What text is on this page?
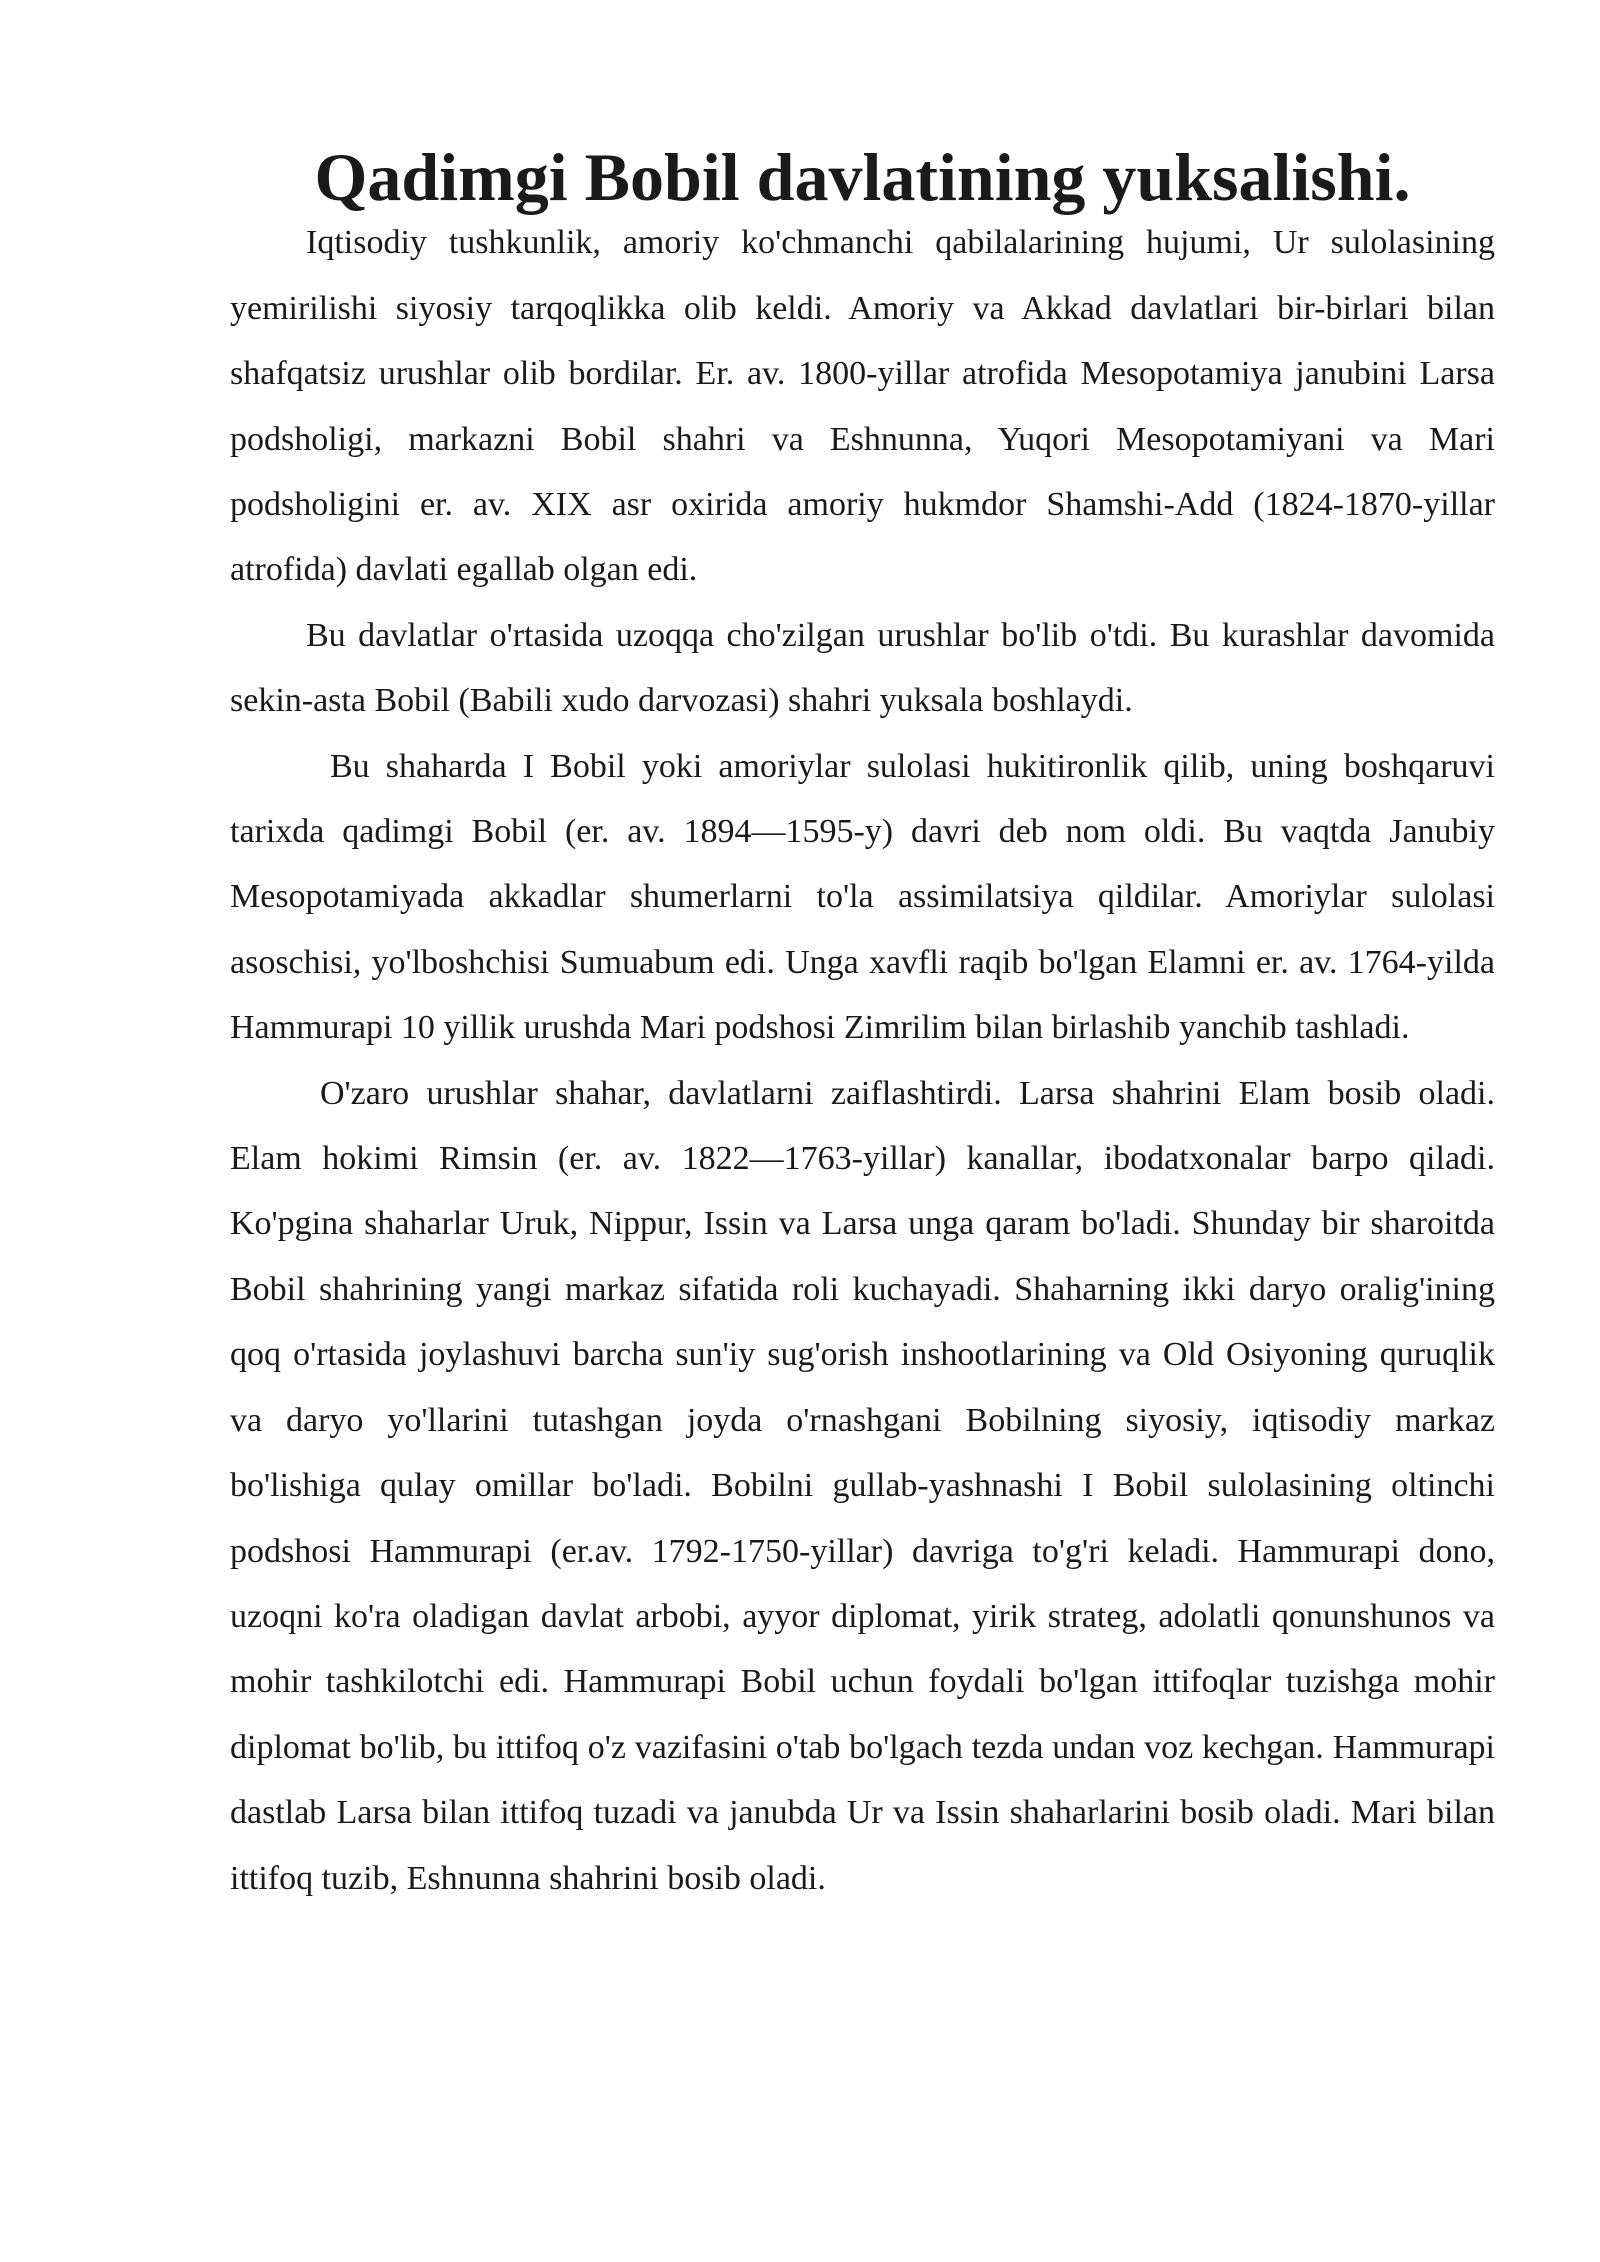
Qadimgi Bobil davlatining yuksalishi.

Iqtisodiy tushkunlik, amoriy ko'chmanchi qabilalarining hujumi, Ur sulolasining yemirilishi siyosiy tarqoqlikka olib keldi. Amoriy va Akkad davlatlari bir-birlari bilan shafqatsiz urushlar olib bordilar. Er. av. 1800-yillar atrofida Mesopotamiya janubini Larsa podsholigi, markazni Bobil shahri va Eshnunna, Yuqori Mesopotamiyani va Mari podsholigini er. av. XIX asr oxirida amoriy hukmdor Shamshi-Add (1824-1870-yillar atrofida) davlati egallab olgan edi.

Bu davlatlar o'rtasida uzoqqa cho'zilgan urushlar bo'lib o'tdi. Bu kurashlar davomida sekin-asta Bobil (Babili xudo darvozasi) shahri yuksala boshlaydi.

Bu shaharda I Bobil yoki amoriylar sulolasi hukitironlik qilib, uning boshqaruvi tarixda qadimgi Bobil (er. av. 1894—1595-y) davri deb nom oldi. Bu vaqtda Janubiy Mesopotamiyada akkadlar shumerlarni to'la assimilatsiya qildilar. Amoriylar sulolasi asoschisi, yo'lboshchisi Sumuabum edi. Unga xavfli raqib bo'lgan Elamni er. av. 1764-yilda Hammurapi 10 yillik urushda Mari podshosi Zimrilim bilan birlashib yanchib tashladi.

O'zaro urushlar shahar, davlatlarni zaiflashtirdi. Larsa shahrini Elam bosib oladi. Elam hokimi Rimsin (er. av. 1822—1763-yillar) kanallar, ibodatxonalar barpo qiladi. Ko'pgina shaharlar Uruk, Nippur, Issin va Larsa unga qaram bo'ladi. Shunday bir sharoitda Bobil shahrining yangi markaz sifatida roli kuchayadi. Shaharning ikki daryo oralig'ining qoq o'rtasida joylashuvi barcha sun'iy sug'orish inshootlarining va Old Osiyoning quruqlik va daryo yo'llarini tutashgan joyda o'rnashgani Bobilning siyosiy, iqtisodiy markaz bo'lishiga qulay omillar bo'ladi. Bobilni gullab-yashnashi I Bobil sulolasining oltinchi podshosi Hammurapi (er.av. 1792-1750-yillar) davriga to'g'ri keladi. Hammurapi dono, uzoqni ko'ra oladigan davlat arbobi, ayyor diplomat, yirik strateg, adolatli qonunshunos va mohir tashkilotchi edi. Hammurapi Bobil uchun foydali bo'lgan ittifoqlar tuzishga mohir diplomat bo'lib, bu ittifoq o'z vazifasini o'tab bo'lgach tezda undan voz kechgan. Hammurapi dastlab Larsa bilan ittifoq tuzadi va janubda Ur va Issin shaharlarini bosib oladi. Mari bilan ittifoq tuzib, Eshnunna shahrini bosib oladi.
